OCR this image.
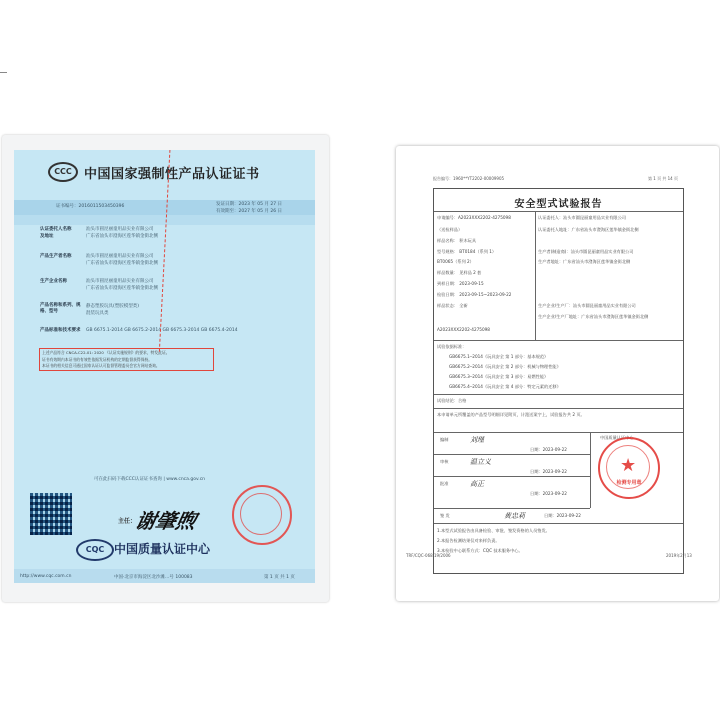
CCC 中国国家强制性产品认证证书
证书编号：2016011503450396	发证日期：2023 年 05 月 27 日
有效期至：2027 年 05 月 26 日
认证委托人名称	汕头市圆昆丽童用品实业有限公司
及地址	广东省汕头市澄海区莲华镇金街北侧
产品生产者名称	汕头市圆昆丽童用品实业有限公司
广东省汕头市澄海区莲华镇金街北侧
生产企业名称	汕头市圆昆丽童用品实业有限公司
广东省汕头市澄海区莲华镇金街北侧
产品名称和系列、规格、型号
静态塑胶玩具(塑胶模型类)
混装玩具类
产品标准和技术要求	GB 6675.1-2014 GB 6675.2-2014 GB 6675.3-2014 GB 6675.4-2014
上述产品符合 CNCA-C22-01: 2020 《认证实施规则》的要求，特发此证。
证书有效期内本证书的有效性依据发证机构的定期监督获得保持。
本证书的相关信息可通过国家认证认可监督管理委员会官方网站查询。
可在此扫码下载CCC认证证书查询 | www.cnca.gov.cn
主任：
谢肇煦
CQC 中国质量认证中心
http://www.cqc.com.cn	中国·北京市海淀区北沙滩…号 100083	第 1 页 共 1 页
报告编号：1960**YT2202-00009905	第 1 页 共 14 页
安全型式试验报告
申请编号：A2023XXX2202-4275098
（送检样品）
样品名称： 积木玩具
型号规格： BT0184（系列 1）
BT0065（系列 2）
样品数量： 见样品 2 套
到样日期： 2023-09-15
检验日期： 2023-09-15~2023-09-22
样品状态： 全新
A2023XXX2202-4275098
认证委托人：汕头市圆昆丽童用品实业有限公司
认证委托人地址：广东省汕头市澄海区莲华镇金街北侧
生产者(制造商)：汕头市圆昆丽童用品实业有限公司
生产者地址：广东省汕头市澄海区莲华镇金街北侧
生产企业/生产厂：汕头市圆昆丽童用品实业有限公司
生产企业/生产厂地址：广东省汕头市澄海区莲华镇金街北侧
试验依据标准：
GB6675.1─2014《玩具安全 第 1 部分：基本规范》
GB6675.2─2014《玩具安全 第 2 部分：机械与物理性能》
GB6675.3─2014《玩具安全 第 3 部分：易燃性能》
GB6675.4─2014《玩具安全 第 4 部分：特定元素的迁移》
试验结论：合格
本申请单元所覆盖的产品型号明细详见附页，计派送案字上，试验报告共 2 页。
编制	刘瑾
日期：2023-09-22
审核	温立义
日期：2023-09-22
批准	高正
日期：2023-09-22
签 发	黄忠莉	日期：2023-09-22
中国质量认证中心
1.本型式试验报告由具备检验、审批、签发资格的人员签发。
2.本报告检测结果仅对来样负责。
3.本检验中心联系方式：CQC 技术服务中心。
★
检测专用章
TRF/CQC-068.19/2006	2019年2月13
